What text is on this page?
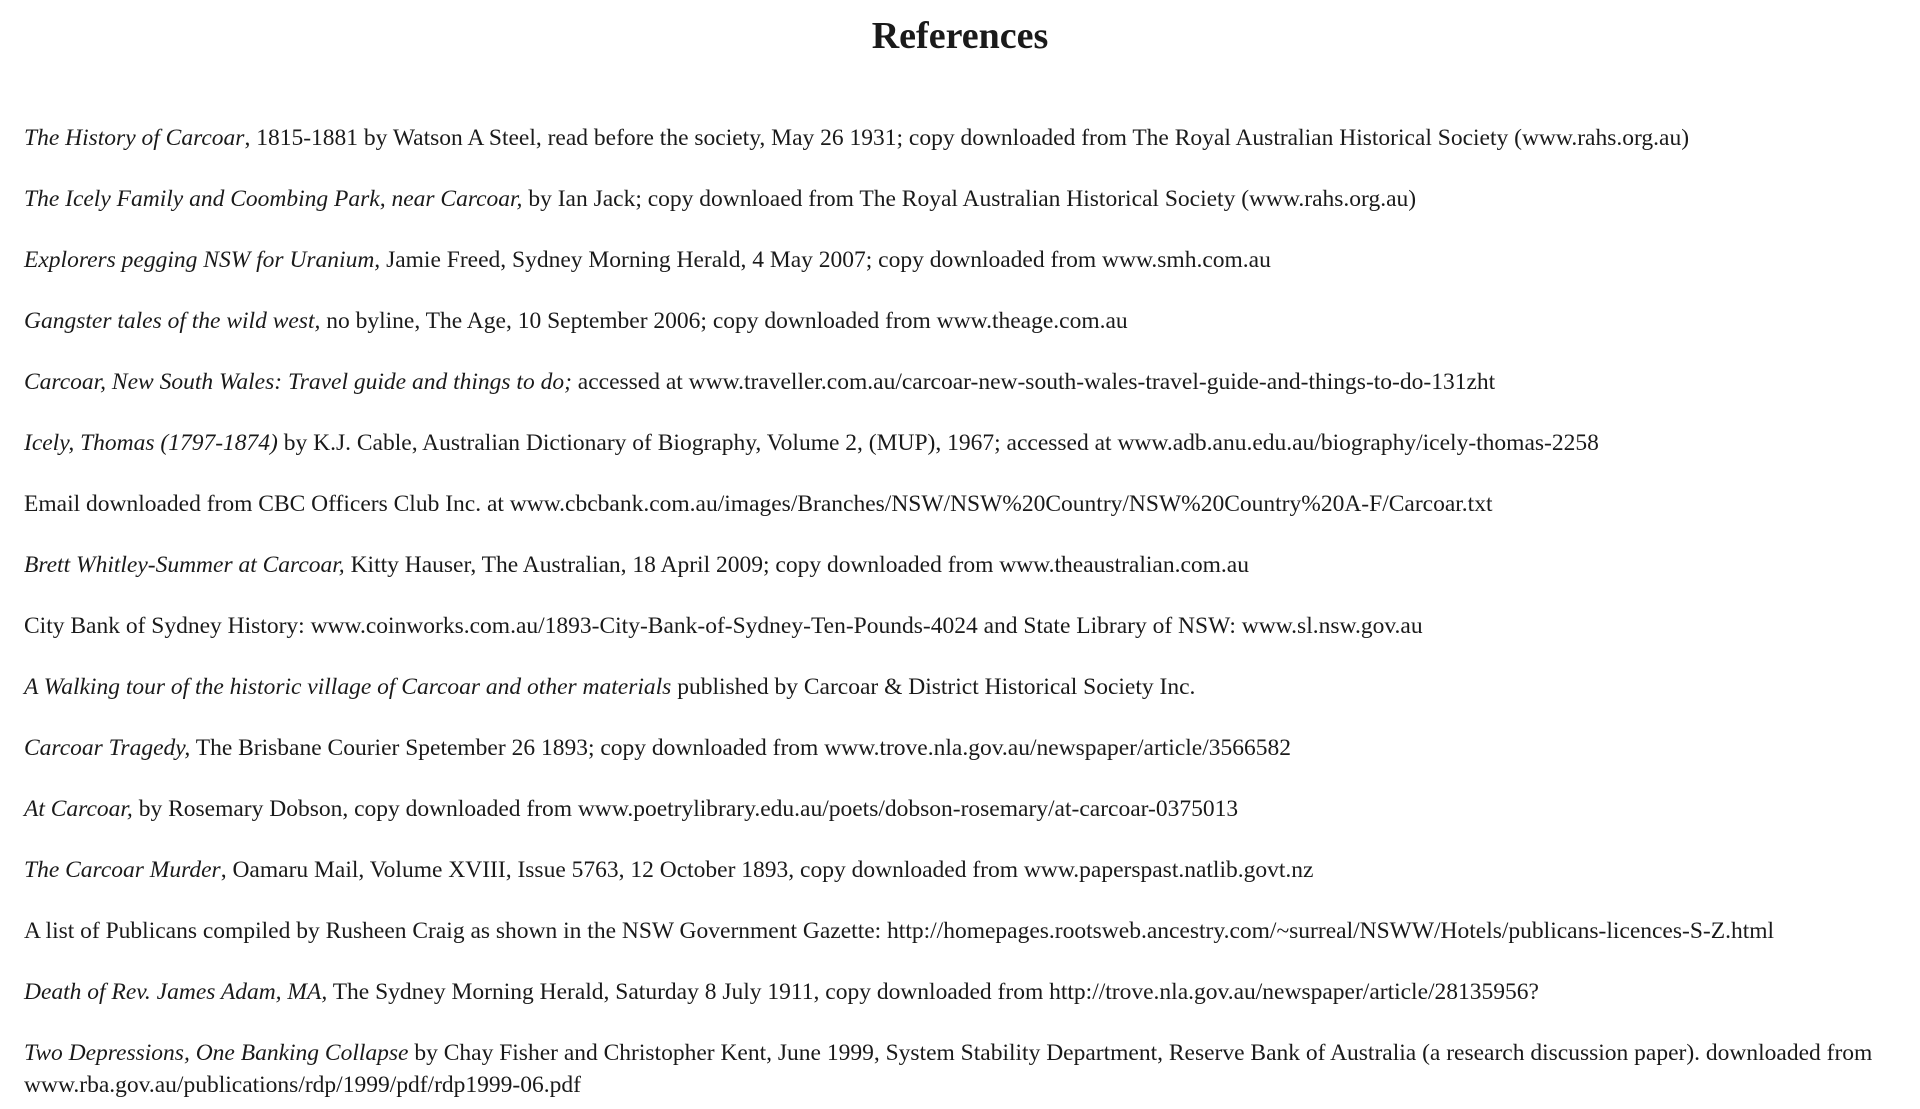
References
The History of Carcoar, 1815-1881 by Watson A Steel, read before the society, May 26 1931; copy downloaded from The Royal Australian Historical Society (www.rahs.org.au)
The Icely Family and Coombing Park, near Carcoar, by Ian Jack; copy downloaed from The Royal Australian Historical Society (www.rahs.org.au)
Explorers pegging NSW for Uranium, Jamie Freed, Sydney Morning Herald, 4 May 2007; copy downloaded from www.smh.com.au
Gangster tales of the wild west, no byline, The Age, 10 September 2006; copy downloaded from www.theage.com.au
Carcoar, New South Wales: Travel guide and things to do; accessed at www.traveller.com.au/carcoar-new-south-wales-travel-guide-and-things-to-do-131zht
Icely, Thomas (1797-1874) by K.J. Cable, Australian Dictionary of Biography, Volume 2, (MUP), 1967; accessed at www.adb.anu.edu.au/biography/icely-thomas-2258
Email downloaded from CBC Officers Club Inc. at www.cbcbank.com.au/images/Branches/NSW/NSW%20Country/NSW%20Country%20A-F/Carcoar.txt
Brett Whitley-Summer at Carcoar, Kitty Hauser, The Australian, 18 April 2009; copy downloaded from www.theaustralian.com.au
City Bank of Sydney History: www.coinworks.com.au/1893-City-Bank-of-Sydney-Ten-Pounds-4024 and State Library of NSW: www.sl.nsw.gov.au
A Walking tour of the historic village of Carcoar and other materials published by Carcoar & District Historical Society Inc.
Carcoar Tragedy, The Brisbane Courier Spetember 26 1893; copy downloaded from www.trove.nla.gov.au/newspaper/article/3566582
At Carcoar, by Rosemary Dobson, copy downloaded from www.poetrylibrary.edu.au/poets/dobson-rosemary/at-carcoar-0375013
The Carcoar Murder, Oamaru Mail, Volume XVIII, Issue 5763, 12 October 1893, copy downloaded from www.paperspast.natlib.govt.nz
A list of Publicans compiled by Rusheen Craig as shown in the NSW Government Gazette: http://homepages.rootsweb.ancestry.com/~surreal/NSWW/Hotels/publicans-licences-S-Z.html
Death of Rev. James Adam, MA, The Sydney Morning Herald, Saturday 8 July 1911, copy downloaded from http://trove.nla.gov.au/newspaper/article/28135956?
Two Depressions, One Banking Collapse by Chay Fisher and Christopher Kent, June 1999, System Stability Department, Reserve Bank of Australia (a research discussion paper). downloaded from www.rba.gov.au/publications/rdp/1999/pdf/rdp1999-06.pdf
